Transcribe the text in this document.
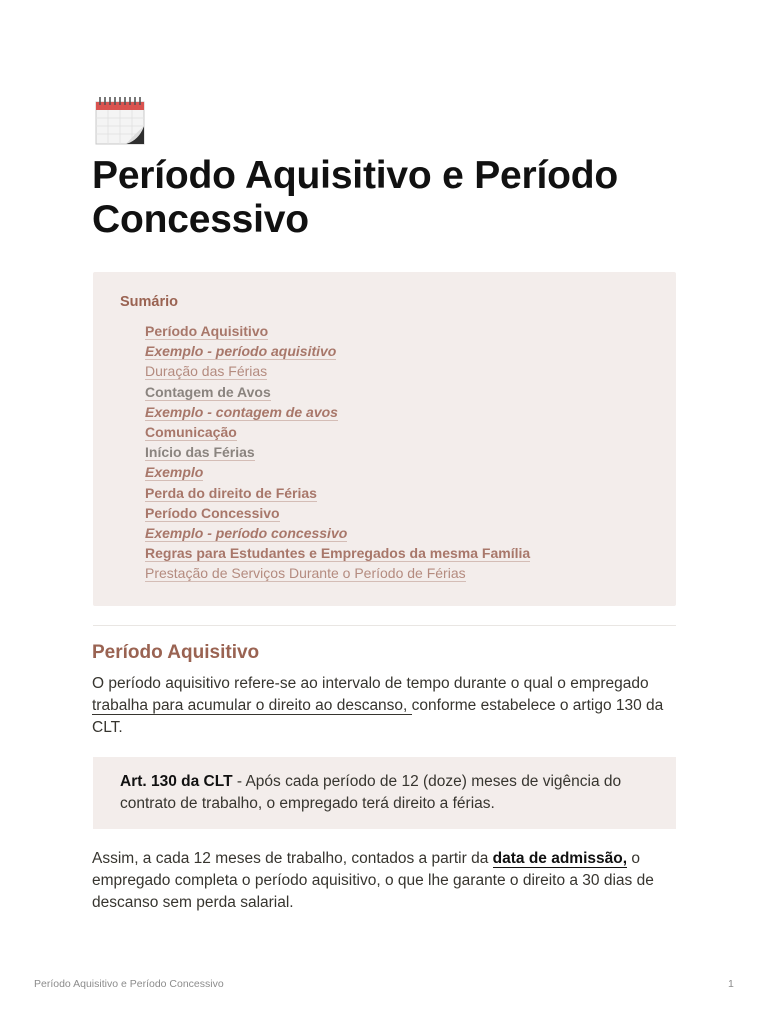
Período Aquisitivo e Período Concessivo
Sumário
Período Aquisitivo
Exemplo - período aquisitivo
Duração das Férias
Contagem de Avos
Exemplo - contagem de avos
Comunicação
Início das Férias
Exemplo
Perda do direito de Férias
Período Concessivo
Exemplo - período concessivo
Regras para Estudantes e Empregados da mesma Família
Prestação de Serviços Durante o Período de Férias
Período Aquisitivo

O período aquisitivo refere-se ao intervalo de tempo durante o qual o empregado trabalha para acumular o direito ao descanso, conforme estabelece o artigo 130 da CLT.

Art. 130 da CLT - Após cada período de 12 (doze) meses de vigência do contrato de trabalho, o empregado terá direito a férias.

Assim, a cada 12 meses de trabalho, contados a partir da data de admissão, o empregado completa o período aquisitivo, o que lhe garante o direito a 30 dias de descanso sem perda salarial.

Período Aquisitivo e Período Concessivo	1
